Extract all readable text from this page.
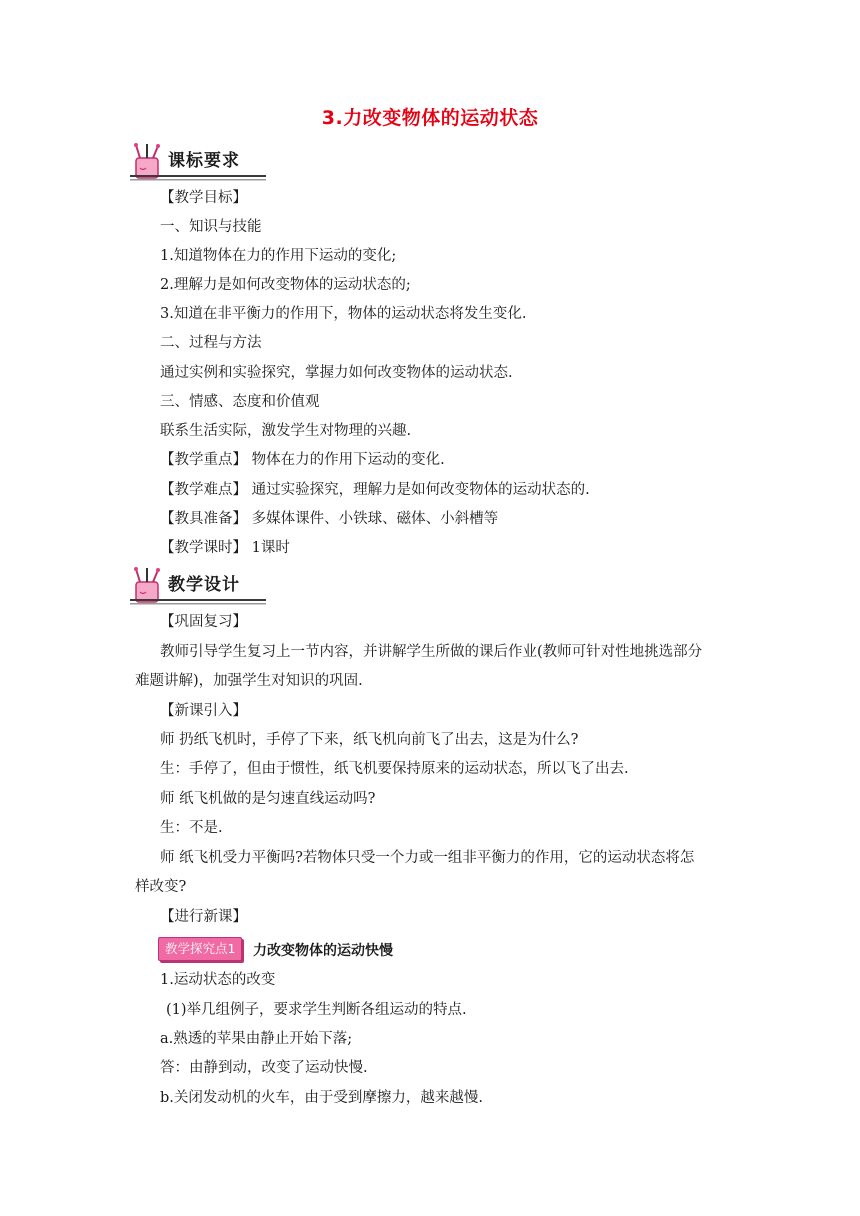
3.力改变物体的运动状态
课标要求
【教学目标】
一、知识与技能
1.知道物体在力的作用下运动的变化;
2.理解力是如何改变物体的运动状态的;
3.知道在非平衡力的作用下，物体的运动状态将发生变化.
二、过程与方法
通过实例和实验探究，掌握力如何改变物体的运动状态.
三、情感、态度和价值观
联系生活实际，激发学生对物理的兴趣.
【教学重点】 物体在力的作用下运动的变化.
【教学难点】 通过实验探究，理解力是如何改变物体的运动状态的.
【教具准备】 多媒体课件、小铁球、磁体、小斜槽等
【教学课时】 1课时
教学设计
【巩固复习】
教师引导学生复习上一节内容，并讲解学生所做的课后作业(教师可针对性地挑选部分
难题讲解)，加强学生对知识的巩固.
【新课引入】
师 扔纸飞机时，手停了下来，纸飞机向前飞了出去，这是为什么?
生：手停了，但由于惯性，纸飞机要保持原来的运动状态，所以飞了出去.
师 纸飞机做的是匀速直线运动吗?
生：不是.
师 纸飞机受力平衡吗?若物体只受一个力或一组非平衡力的作用，它的运动状态将怎
样改变?
【进行新课】
教学探究点1	力改变物体的运动快慢
1.运动状态的改变
(1)举几组例子，要求学生判断各组运动的特点.
a.熟透的苹果由静止开始下落;
答：由静到动，改变了运动快慢.
b.关闭发动机的火车，由于受到摩擦力，越来越慢.
